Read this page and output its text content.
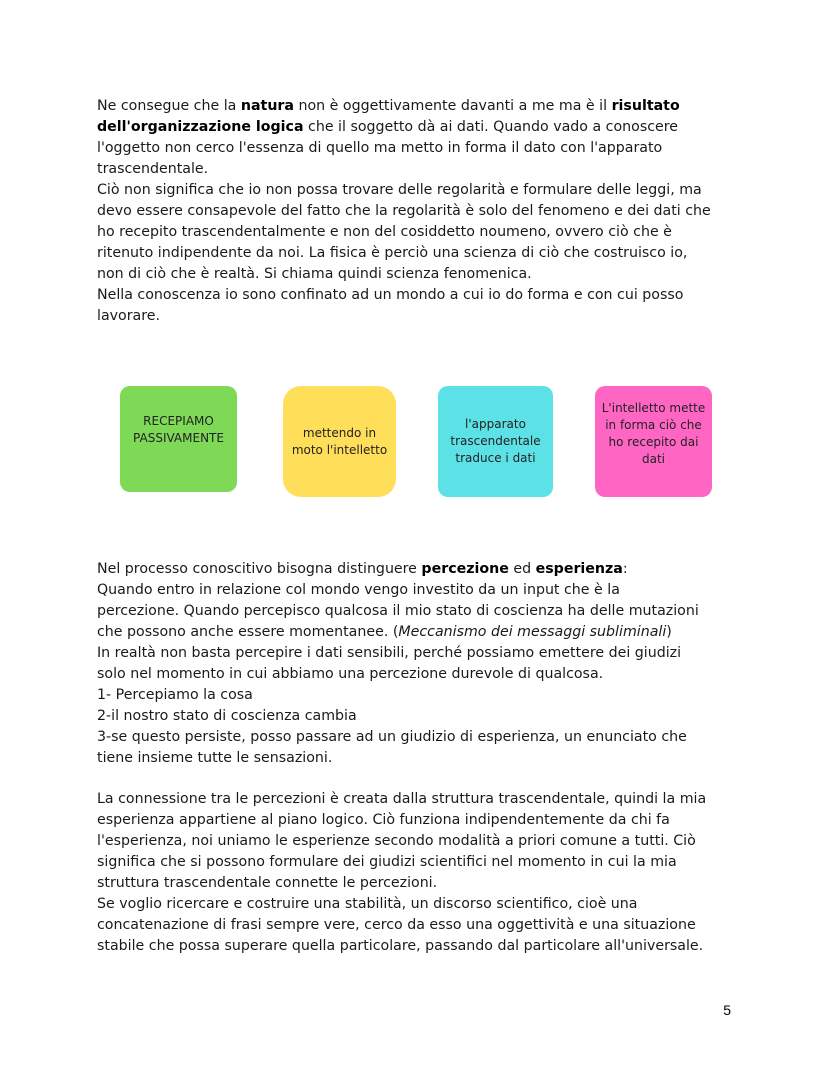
Ne consegue che la natura non è oggettivamente davanti a me ma è il risultato
dell'organizzazione logica che il soggetto dà ai dati. Quando vado a conoscere
l'oggetto non cerco l'essenza di quello ma metto in forma il dato con l'apparato
trascendentale.
Ciò non significa che io non possa trovare delle regolarità e formulare delle leggi, ma
devo essere consapevole del fatto che la regolarità è solo del fenomeno e dei dati che
ho recepito trascendentalmente e non del cosiddetto noumeno, ovvero ciò che è
ritenuto indipendente da noi. La fisica è perciò una scienza di ciò che costruisco io,
non di ciò che è realtà. Si chiama quindi scienza fenomenica.
Nella conoscenza io sono confinato ad un mondo a cui io do forma e con cui posso
lavorare.
RECEPIAMO
PASSIVAMENTE	mettendo in
moto l'intelletto
l'apparato
trascendentale
traduce i dati
L'intelletto mette
in forma ciò che
ho recepito dai
dati
Nel processo conoscitivo bisogna distinguere percezione ed esperienza:
Quando entro in relazione col mondo vengo investito da un input che è la
percezione. Quando percepisco qualcosa il mio stato di coscienza ha delle mutazioni
che possono anche essere momentanee. (Meccanismo dei messaggi subliminali)
In realtà non basta percepire i dati sensibili, perché possiamo emettere dei giudizi
solo nel momento in cui abbiamo una percezione durevole di qualcosa.
1- Percepiamo la cosa
2-il nostro stato di coscienza cambia
3-se questo persiste, posso passare ad un giudizio di esperienza, un enunciato che
tiene insieme tutte le sensazioni.
La connessione tra le percezioni è creata dalla struttura trascendentale, quindi la mia
esperienza appartiene al piano logico. Ciò funziona indipendentemente da chi fa
l'esperienza, noi uniamo le esperienze secondo modalità a priori comune a tutti. Ciò
significa che si possono formulare dei giudizi scientifici nel momento in cui la mia
struttura trascendentale connette le percezioni.
Se voglio ricercare e costruire una stabilità, un discorso scientifico, cioè una
concatenazione di frasi sempre vere, cerco da esso una oggettività e una situazione
stabile che possa superare quella particolare, passando dal particolare all'universale.
5
